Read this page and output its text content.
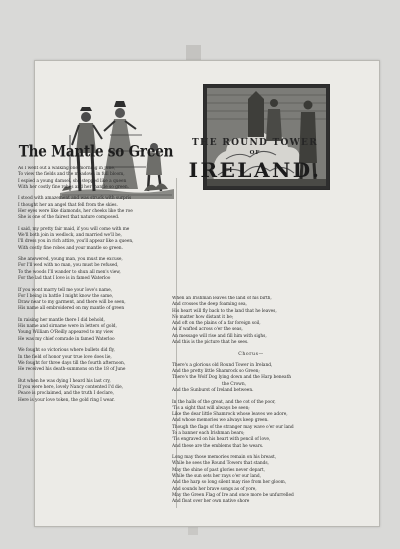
The Mantle so Green	THE ROUND TOWER
OF
IRELAND.
As I went out a walking one morning in June,
To view the fields and the meadows in full bloom,
I espied a young damsel, she stepped like a queen
With her costly fine robes and her mantle so green.
I stood with amazement and was struck with surpris
I thought her an angel that fell from the skies.
Her eyes were like diamonds, her cheeks like the roe
She is one of the fairest that nature composed.
I said, my pretty fair maid, if you will come with me
We'll both join in wedlock, and married we'll be,
I'll dress you in rich attire, you'll appear like a queen,
With costly fine robes and your mantle so green.
She answered, young man, you must me excuse,
For I'll wed with no man, you must be refused,
To the woods I'll wander to shun all men's view,
For the lad that I love is in famed Waterloo
If you wont marry tell me your love's name,
For I being in battle I might know the same,
Draw near to my garment, and there will be seen,
His name all embroidered on my mantle of green
In raising her mantle there I did behold,
His name and sirname were in letters of gold,
Young William O'Reilly appeared to my view
He was my chief comrade in famed Waterloo
We fought so victorious where bullets did fly,
In the field of honor your true love does lie,
We fought for three days till the fourth afternoon,
He received his death-summons on the 18 of June
But when he was dying I heard his last cry,
If you were here, lovely Nancy contented I'd die,
Peace is proclaimed, and the truth I declare,
Here is your love token, the gold ring I wear.
When an Irishman leaves the land of his birth,
And crosses the deep foaming sea,
His heart will fly back to the land that he leaves,
No matter how distant it be;
And oft on the plains of a far foreign soil,
As if wafted across o'er the seas,
An message will rise and fill him with sighs,
And this is the picture that he sees.
Chorus—
There's a glorious old Round Tower in Ireland,
And the pretty little Shamrock so Green;
There's the Wolf Dog lying down and the Harp beneath
the Crown,
And the Sunburst of Ireland between.
In the halls of the great, and the cot of the poor,
'Tis a sight that will always be seen;
Like the dear little Shamrock whose leaves we adore,
And whose memories we always keep green.
Though the flags of the stranger may wave o'er our land
To a banner each Irishman bears;
'Tis engraved on his heart with pencil of love,
And these are the emblems that he wears.
Long may those memories remain on his breast,
While he sees the Round Towers that stands,
May the shine of past glories never depart,
While the sun sets her rays o'er our land,
And the harp so long silent may rise from her gloom,
And sounds her brave songs as of yore,
May the Green Flag of Ire and once more be unfurrelled
And float over her own native shore
